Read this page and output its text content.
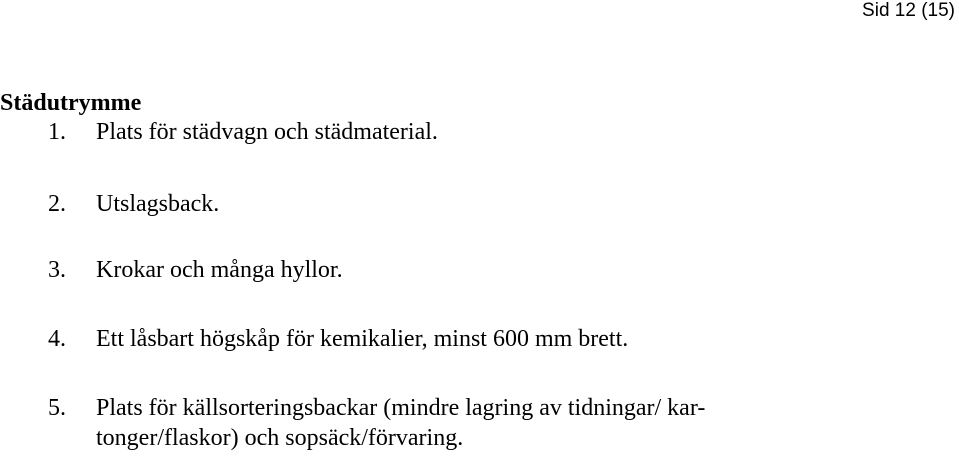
Sid 12 (15)
Städutrymme
1. Plats för städvagn och städmaterial.
2. Utslagsback.
3. Krokar och många hyllor.
4. Ett låsbart högskåp för kemikalier, minst 600 mm brett.
5. Plats för källsorteringsbackar (mindre lagring av tidningar/ kar-
tonger/flaskor) och sopsäck/förvaring.
